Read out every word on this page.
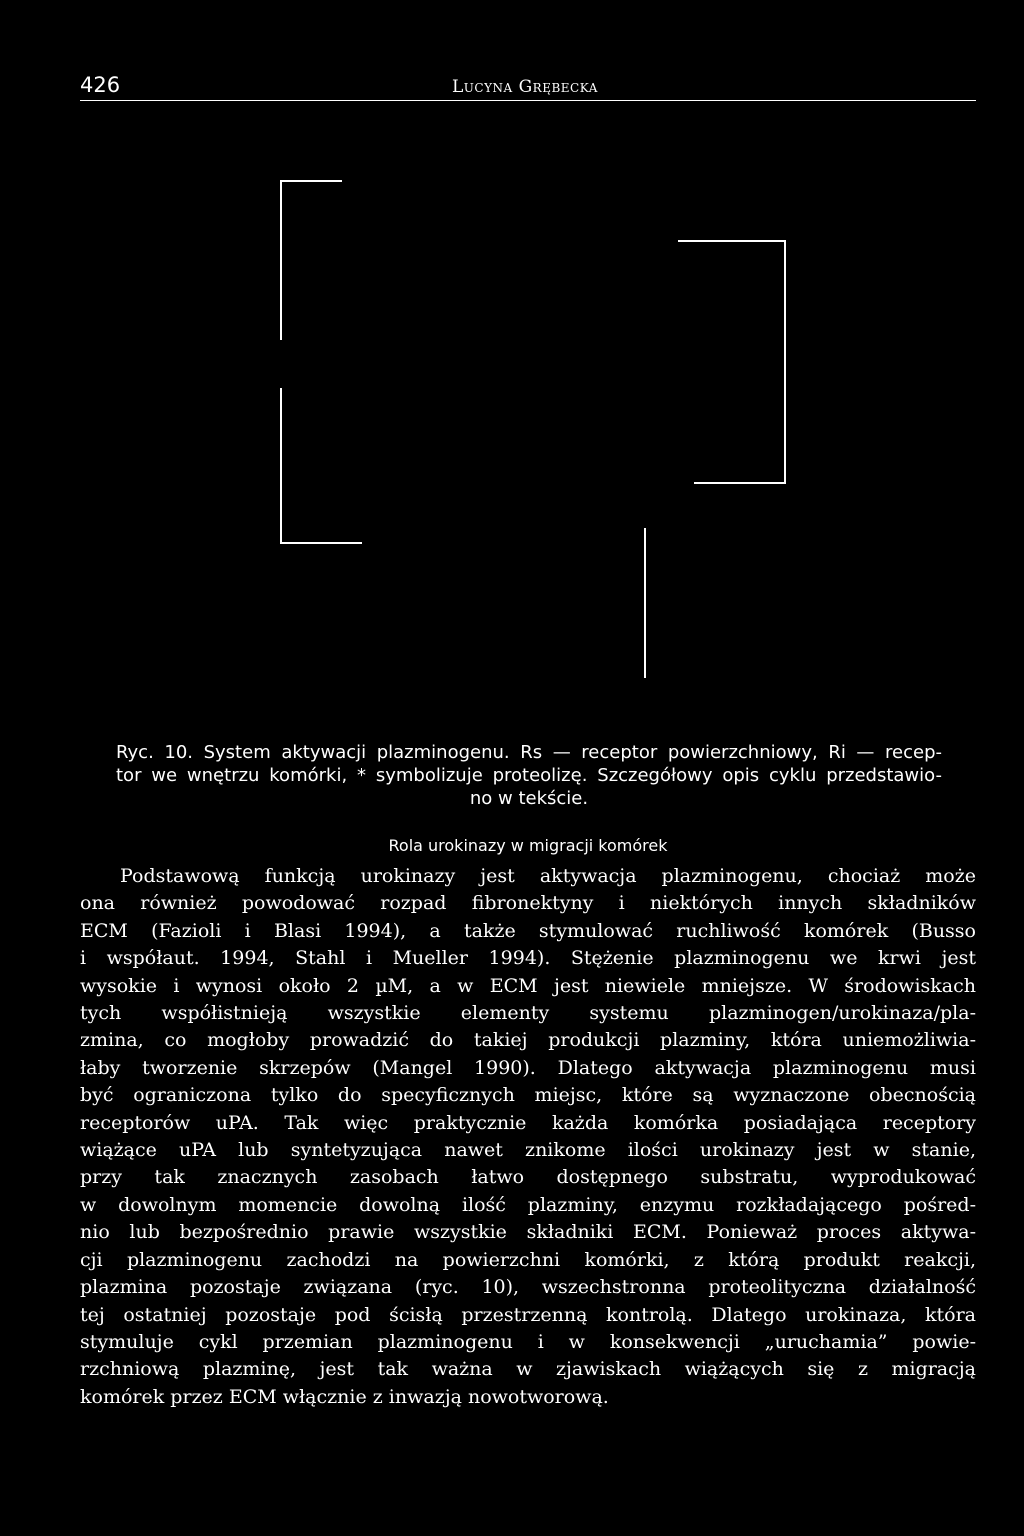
426	Lucyna Grębecka
Ryc. 10. System aktywacji plazminogenu. Rs — receptor powierzchniowy, Ri — recep-
tor we wnętrzu komórki, * symbolizuje proteolizę. Szczegółowy opis cyklu przedstawio-
no w tekście.
Rola urokinazy w migracji komórek
Podstawową funkcją urokinazy jest aktywacja plazminogenu, chociaż może
ona również powodować rozpad fibronektyny i niektórych innych składników
ECM (Fazioli i Blasi 1994), a także stymulować ruchliwość komórek (Busso
i współaut. 1994, Stahl i Mueller 1994). Stężenie plazminogenu we krwi jest
wysokie i wynosi około 2 µM, a w ECM jest niewiele mniejsze. W środowiskach
tych współistnieją wszystkie elementy systemu plazminogen/urokinaza/pla-
zmina, co mogłoby prowadzić do takiej produkcji plazminy, która uniemożliwia-
łaby tworzenie skrzepów (Mangel 1990). Dlatego aktywacja plazminogenu musi
być ograniczona tylko do specyficznych miejsc, które są wyznaczone obecnością
receptorów uPA. Tak więc praktycznie każda komórka posiadająca receptory
wiążące uPA lub syntetyzująca nawet znikome ilości urokinazy jest w stanie,
przy tak znacznych zasobach łatwo dostępnego substratu, wyprodukować
w dowolnym momencie dowolną ilość plazminy, enzymu rozkładającego pośred-
nio lub bezpośrednio prawie wszystkie składniki ECM. Ponieważ proces aktywa-
cji plazminogenu zachodzi na powierzchni komórki, z którą produkt reakcji,
plazmina pozostaje związana (ryc. 10), wszechstronna proteolityczna działalność
tej ostatniej pozostaje pod ścisłą przestrzenną kontrolą. Dlatego urokinaza, która
stymuluje cykl przemian plazminogenu i w konsekwencji „uruchamia” powie-
rzchniową plazminę, jest tak ważna w zjawiskach wiążących się z migracją
komórek przez ECM włącznie z inwazją nowotworową.
